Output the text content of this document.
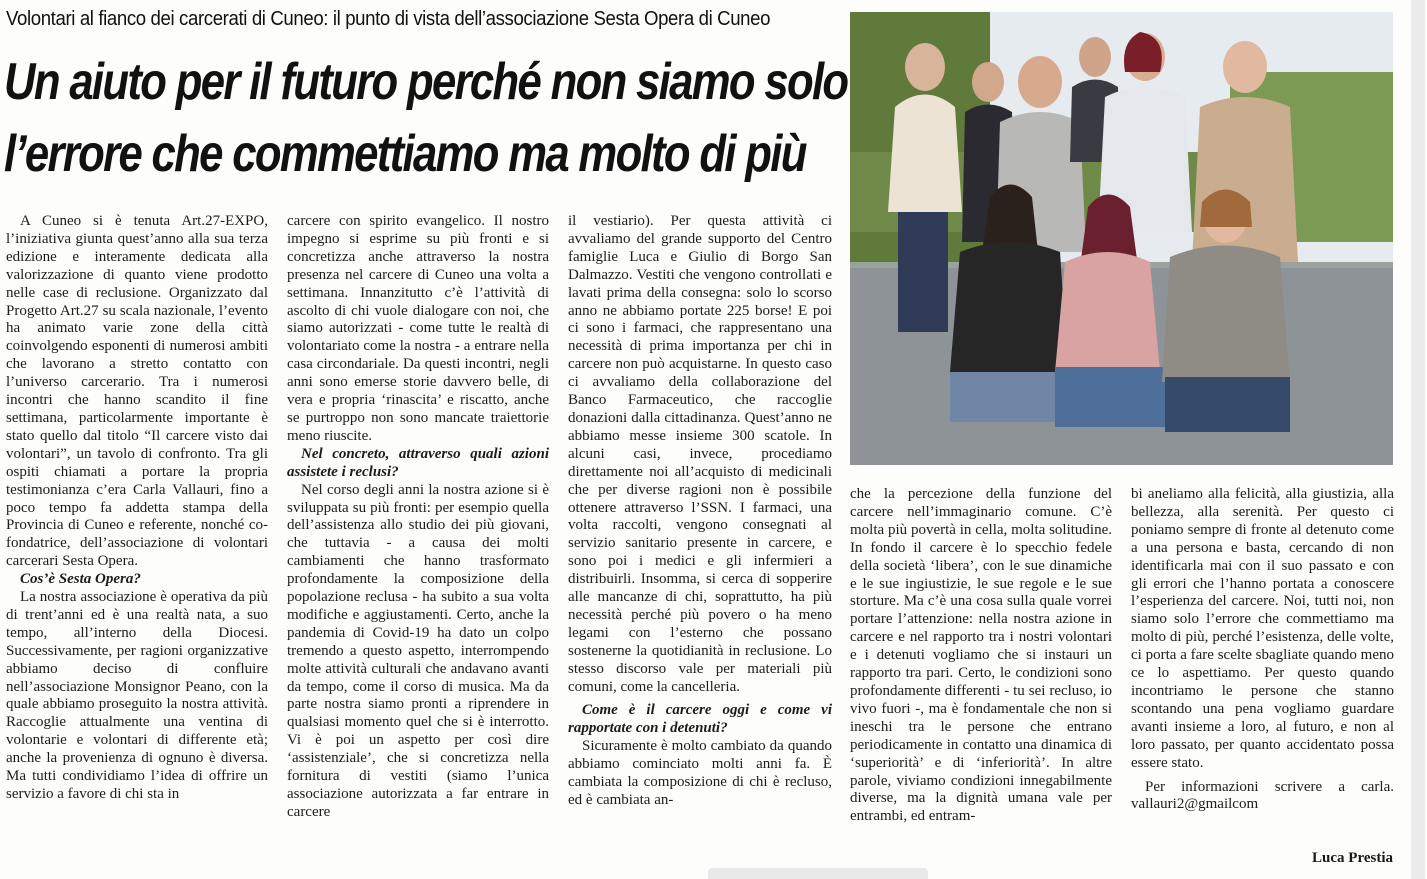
Volontari al fianco dei carcerati di Cuneo: il punto di vista dell’associazione Sesta Opera di Cuneo
Un aiuto per il futuro perché non siamo solo
l’errore che commettiamo ma molto di più

A Cuneo si è tenuta Art.27-EXPO, l’iniziativa giunta quest’anno alla sua terza edizione e interamente dedicata alla valorizzazione di quanto viene prodotto nelle case di reclusione. Organizzato dal Progetto Art.27 su scala nazionale, l’evento ha animato varie zone della città coinvolgendo esponenti di numerosi ambiti che lavorano a stretto contatto con l’universo carcerario. Tra i numerosi incontri che hanno scandito il fine settimana, particolarmente importante è stato quello dal titolo “Il carcere visto dai volontari”, un tavolo di confronto. Tra gli ospiti chiamati a portare la propria testimonianza c’era Carla Vallauri, fino a poco tempo fa addetta stampa della Provincia di Cuneo e referente, nonché co-fondatrice, dell’associazione di volontari carcerari Sesta Opera.

Cos’è Sesta Opera?

La nostra associazione è operativa da più di trent’anni ed è una realtà nata, a suo tempo, all’interno della Diocesi. Successivamente, per ragioni organizzative abbiamo deciso di confluire nell’associazione Monsignor Peano, con la quale abbiamo proseguito la nostra attività. Raccoglie attualmente una ventina di volontarie e volontari di differente età; anche la provenienza di ognuno è diversa. Ma tutti condividiamo l’idea di offrire un servizio a favore di chi sta in

carcere con spirito evangelico. Il nostro impegno si esprime su più fronti e si concretizza anche attraverso la nostra presenza nel carcere di Cuneo una volta a settimana. Innanzitutto c’è l’attività di ascolto di chi vuole dialogare con noi, che siamo autorizzati - come tutte le realtà di volontariato come la nostra - a entrare nella casa circondariale. Da questi incontri, negli anni sono emerse storie davvero belle, di vera e propria ‘rinascita’ e riscatto, anche se purtroppo non sono mancate traiettorie meno riuscite.

Nel concreto, attraverso quali azioni assistete i reclusi?

Nel corso degli anni la nostra azione si è sviluppata su più fronti: per esempio quella dell’assistenza allo studio dei più giovani, che tuttavia - a causa dei molti cambiamenti che hanno trasformato profondamente la composizione della popolazione reclusa - ha subito a sua volta modifiche e aggiustamenti. Certo, anche la pandemia di Covid-19 ha dato un colpo tremendo a questo aspetto, interrompendo molte attività culturali che andavano avanti da tempo, come il corso di musica. Ma da parte nostra siamo pronti a riprendere in qualsiasi momento quel che si è interrotto. Vi è poi un aspetto per così dire ‘assistenziale’, che si concretizza nella fornitura di vestiti (siamo l’unica associazione autorizzata a far entrare in carcere

il vestiario). Per questa attività ci avvaliamo del grande supporto del Centro famiglie Luca e Giulio di Borgo San Dalmazzo. Vestiti che vengono controllati e lavati prima della consegna: solo lo scorso anno ne abbiamo portate 225 borse! E poi ci sono i farmaci, che rappresentano una necessità di prima importanza per chi in carcere non può acquistarne. In questo caso ci avvaliamo della collaborazione del Banco Farmaceutico, che raccoglie donazioni dalla cittadinanza. Quest’anno ne abbiamo messe insieme 300 scatole. In alcuni casi, invece, procediamo direttamente noi all’acquisto di medicinali che per diverse ragioni non è possibile ottenere attraverso l’SSN. I farmaci, una volta raccolti, vengono consegnati al servizio sanitario presente in carcere, e sono poi i medici e gli infermieri a distribuirli. Insomma, si cerca di sopperire alle mancanze di chi, soprattutto, ha più necessità perché più povero o ha meno legami con l’esterno che possano sostenerne la quotidianità in reclusione. Lo stesso discorso vale per materiali più comuni, come la cancelleria.

Come è il carcere oggi e come vi rapportate con i detenuti?

Sicuramente è molto cambiato da quando abbiamo cominciato molti anni fa. È cambiata la composizione di chi è recluso, ed è cambiata an-

che la percezione della funzione del carcere nell’immaginario comune. C’è molta più povertà in cella, molta solitudine. In fondo il carcere è lo specchio fedele della società ‘libera’, con le sue dinamiche e le sue ingiustizie, le sue regole e le sue storture. Ma c’è una cosa sulla quale vorrei portare l’attenzione: nella nostra azione in carcere e nel rapporto tra i nostri volontari e i detenuti vogliamo che si instauri un rapporto tra pari. Certo, le condizioni sono profondamente differenti - tu sei recluso, io vivo fuori -, ma è fondamentale che non si ineschi tra le persone che entrano periodicamente in contatto una dinamica di ‘superiorità’ e di ‘inferiorità’. In altre parole, viviamo condizioni innegabilmente diverse, ma la dignità umana vale per entrambi, ed entram-

bi aneliamo alla felicità, alla giustizia, alla bellezza, alla serenità. Per questo ci poniamo sempre di fronte al detenuto come a una persona e basta, cercando di non identificarla mai con il suo passato e con gli errori che l’hanno portata a conoscere l’esperienza del carcere. Noi, tutti noi, non siamo solo l’errore che commettiamo ma molto di più, perché l’esistenza, delle volte, ci porta a fare scelte sbagliate quando meno ce lo aspettiamo. Per questo quando incontriamo le persone che stanno scontando una pena vogliamo guardare avanti insieme a loro, al futuro, e non al loro passato, per quanto accidentato possa essere stato.

Per informazioni scrivere a carla. vallauri2@gmailcom

Luca Prestia
